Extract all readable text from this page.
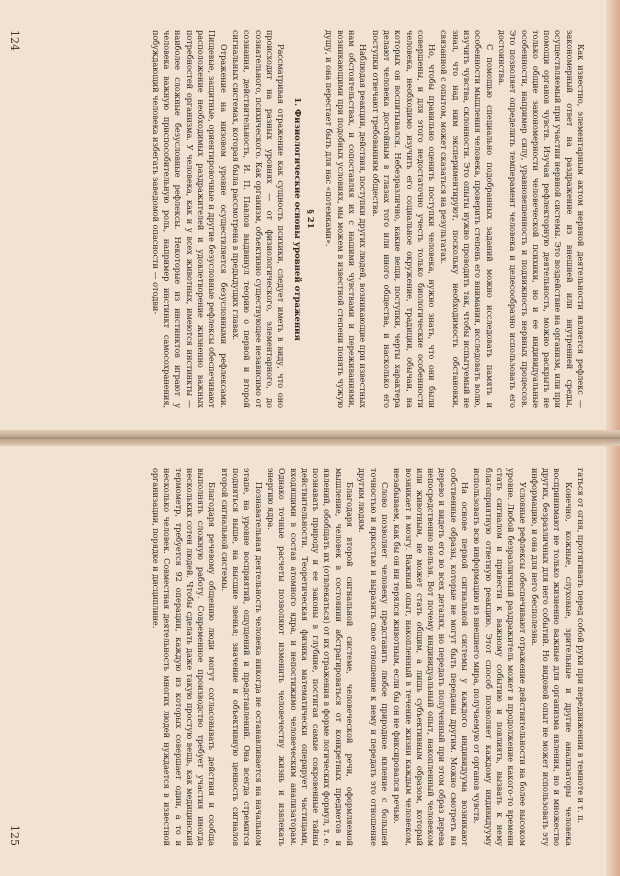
Как известно, элементарным актом нервной деятельности является рефлекс — закономерный ответ на раздражение из внешней или внутренней среды, осуществляемый при участии нервной системы. Это воздействие на организм, или при помощи органов чувств. Изучая рефлекторную деятельность, можно раскрыть не только общие закономерности человеческой психики, но и ее индивидуальные особенности, например силу, уравновешенность и подвижность нервных процессов. Это позволяет определить темперамент человека и целесообразно использовать его достоинства.

С помощью специально подобранных заданий можно исследовать память и особенности мышления человека, проверить степень его внимания, исследовать волю, изучить чувства, склонности. Это опыты нужно проводить так, чтобы испытуемый не знал, что над ним экспериментируют, поскольку необходимость обстановки, связанной с опытом, может сказаться на результатах.

Но, чтобы правильно оценить поступки человека, нужно знать, что они были совершены, и для этого недостаточно учесть только биологические особенности человека, необходимо изучить его социальное окружение, традиции, обычаи, на которых он воспитывался. Небезразлично, какие вещи, поступки, черты характера делают человека достойным в глазах того или иного общества, и насколько его поступки отвечают требованиям общества.

Наблюдая реакции, действия, поступки других людей, возникающие при известных нам обстоятельствах, и сопоставляя их с нашими чувствами и переживаниями, возникающими при подобных условиях, мы можем в известной степени понять чужую душу, и она перестает быть для нас «потемками».

§ 21
1. Физиологические основы уровней отражения

Рассматривая отражение как сущность психики, следует иметь в виду, что оно происходит на разных уровнях — от физиологического, элементарного, до сознательного, психического. Как организм, объективно существующее независимо от сознания, действительность, И. П. Павлов выдвинул теорию о первой и второй сигнальных системах, которая была рассмотрена в предыдущих главах.

Отражение на низовом уровне осуществляется безусловными рефлексами. Пищевые, защитные, ориентировочные и другие безусловные рефлексы обеспечивают расположение необходимых раздражителей и удовлетворение жизненно важных потребностей организма. У человека, как и у всех животных, имеются инстинкты — наиболее сложные безусловные рефлексы. Некоторые из инстинктов играют у человека важную приспособительную роль, например инстинкт самосохранения, побуждающий человека избегать заведомой опасности — отодви-

124

гаться от огня, протягивать перед собой руки при передвижении в темноте и т. п.

Конечно, кожные, слуховые, зрительные и другие анализаторы человека воспринимают не только жизненно важные для организма явления, но и множество других, безразличных для него событий. Но видовой опыт не может использовать эту информацию, и она для него бесполезна.

Условные рефлексы обеспечивают отражение действительности на более высоком уровне. Любой безразличный раздражитель может в продолжение какого-то времени стать сигналом и привести к важному событию и повлиять, вызвать к нему благоприятную ответную реакцию. Этот способ позволяет каждому индивидууму использовать всю информацию из внешнего мира, получаемую от органов чувств.

На основе первой сигнальной системы у каждого индивидуума возникают собственные образы, которые не могут быть переданы другим. Можно смотреть на дерево и видеть его во всех деталях, но передать полученный при этом образ дерева непосредственно нельзя. Вот почему индивидуальный опыт, накопленный человеком или животным, не может стать общим, а лишь субъективным образом, который возникает в мозгу. Важный опыт, накопленный в течение жизни каждым человеком, незабываем, как бы он ни терялся животным, если бы он не фиксировался речью.

Слово позволяет человеку представить любое природное явление с большей точностью и яркостью и выразить свое отношение к нему и передать это отношение другим людям.

Благодаря второй сигнальной системе, человеческой речи, оформляемой мышление, человек в состоянии абстрагироваться от конкретных предметов и явлений, обобщать их (отвлекаться) от их отражения в форме логических формул, т. е. познавать природу и ее законы в глубине, постигая самые сокровенные тайны действительности. Теоретическая физика математически оперирует частицами, входящими в состав атомного ядра, и непостижимо человеческим анализаторам. Однако точные расчеты позволяют изменить человечеству жизнь и извлекать энергию ядра.

Познавательная деятельность человека никогда не останавливается на начальном этапе, на уровне восприятий, ощущений и представлений. Она всегда стремится подняться выше, на высшие звенья; значение и объективную ценность сигналов второй сигнальной системы.

Благодаря речевому общению люди могут согласовывать действия и сообща выполнять сложную работу. Современное производство требует участия иногда нескольких сотен людей. Чтобы сделать даже такую простую вещь, как медицинский термометр, требуется 92 операции, каждую из которых совершает один, а то и несколько человек. Совместная деятельность многих людей нуждается в известной организации, порядке и дисциплине.

125
